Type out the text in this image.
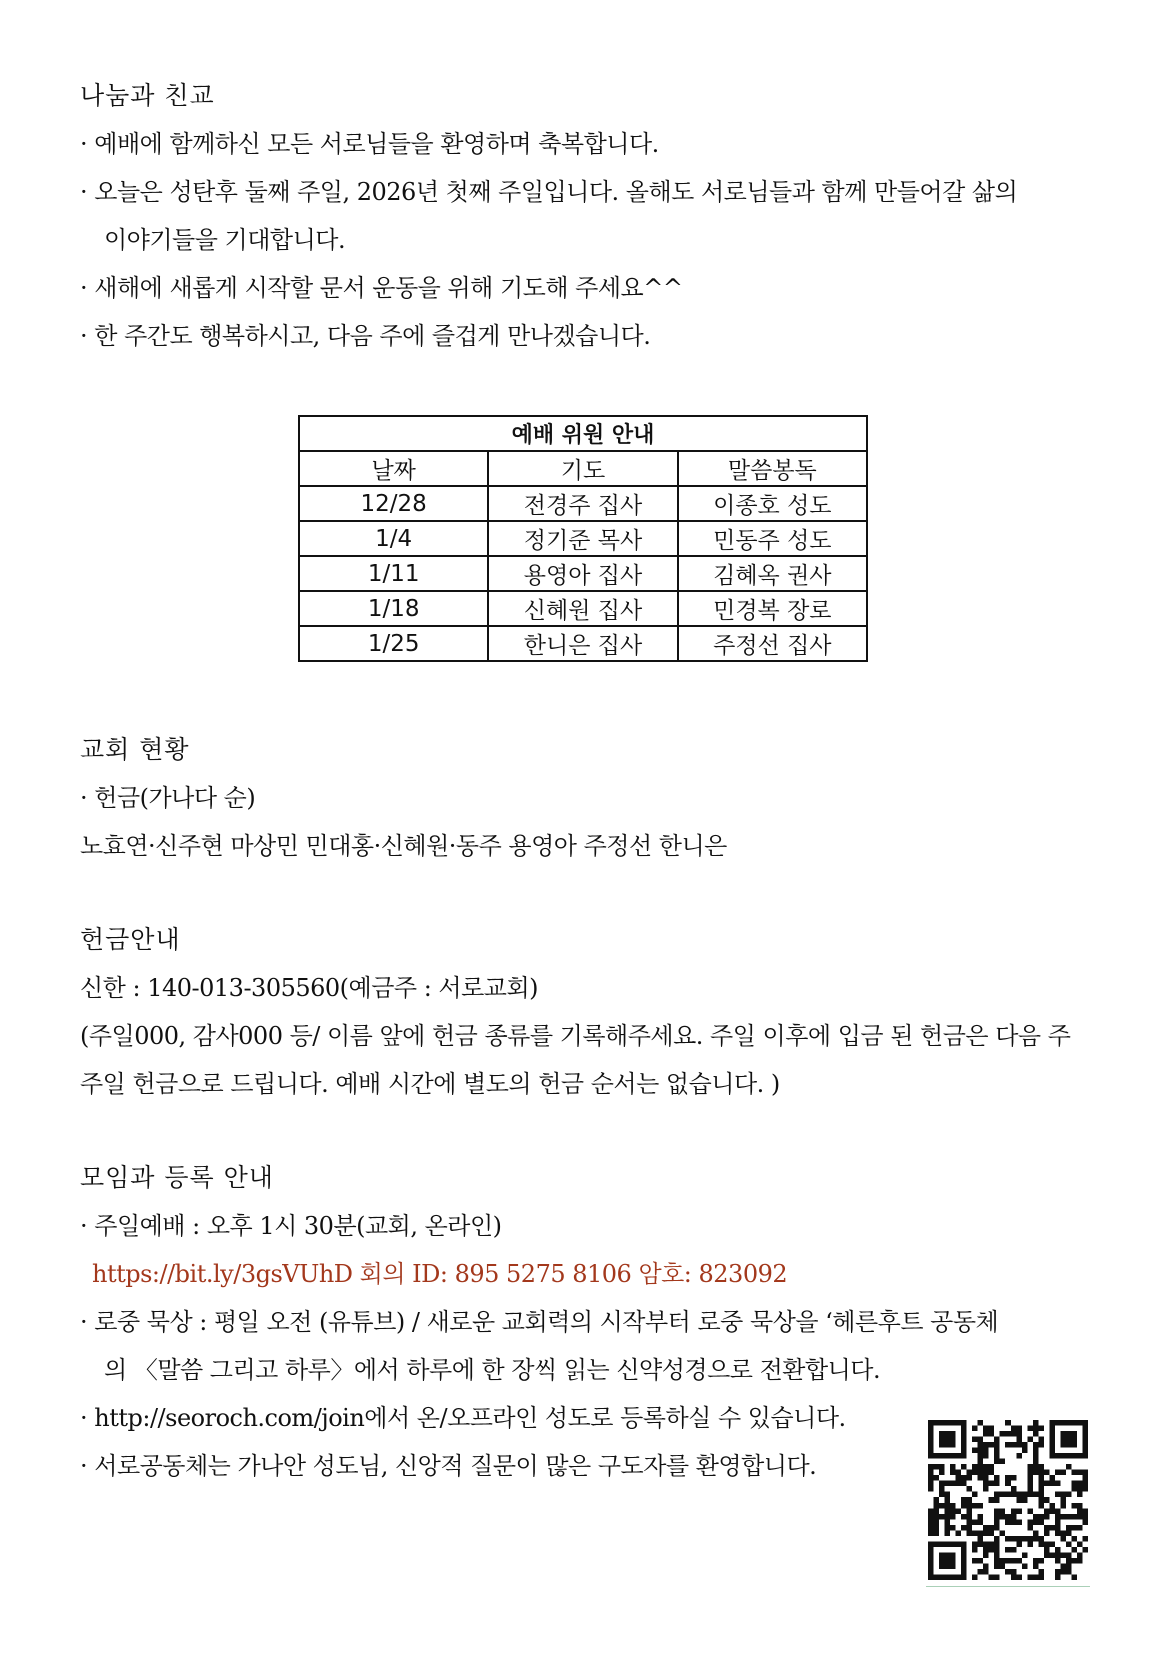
나눔과 친교
· 예배에 함께하신 모든 서로님들을 환영하며 축복합니다.
· 오늘은 성탄후 둘째 주일, 2026년 첫째 주일입니다. 올해도 서로님들과 함께 만들어갈 삶의
이야기들을 기대합니다.
· 새해에 새롭게 시작할 문서 운동을 위해 기도해 주세요^^
· 한 주간도 행복하시고, 다음 주에 즐겁게 만나겠습니다.
예배 위원 안내		
날짜	기도	말씀봉독
12/28	전경주 집사	이종호 성도
1/4	정기준 목사	민동주 성도
1/11	용영아 집사	김혜옥 권사
1/18	신혜원 집사	민경복 장로
1/25	한니은 집사	주정선 집사
교회 현황
· 헌금(가나다 순)
노효연·신주현 마상민 민대홍·신혜원·동주 용영아 주정선 한니은
헌금안내
신한 : 140-013-305560(예금주 : 서로교회)
(주일000, 감사000 등/ 이름 앞에 헌금 종류를 기록해주세요. 주일 이후에 입금 된 헌금은 다음 주
주일 헌금으로 드립니다. 예배 시간에 별도의 헌금 순서는 없습니다. )
모임과 등록 안내
· 주일예배 : 오후 1시 30분(교회, 온라인)
https://bit.ly/3gsVUhD 회의 ID: 895 5275 8106 암호: 823092
· 로중 묵상 : 평일 오전 (유튜브) / 새로운 교회력의 시작부터 로중 묵상을 ‘헤른후트 공동체
의 〈말씀 그리고 하루〉에서 하루에 한 장씩 읽는 신약성경으로 전환합니다.
· http://seoroch.com/join에서 온/오프라인 성도로 등록하실 수 있습니다.
· 서로공동체는 가나안 성도님, 신앙적 질문이 많은 구도자를 환영합니다.
